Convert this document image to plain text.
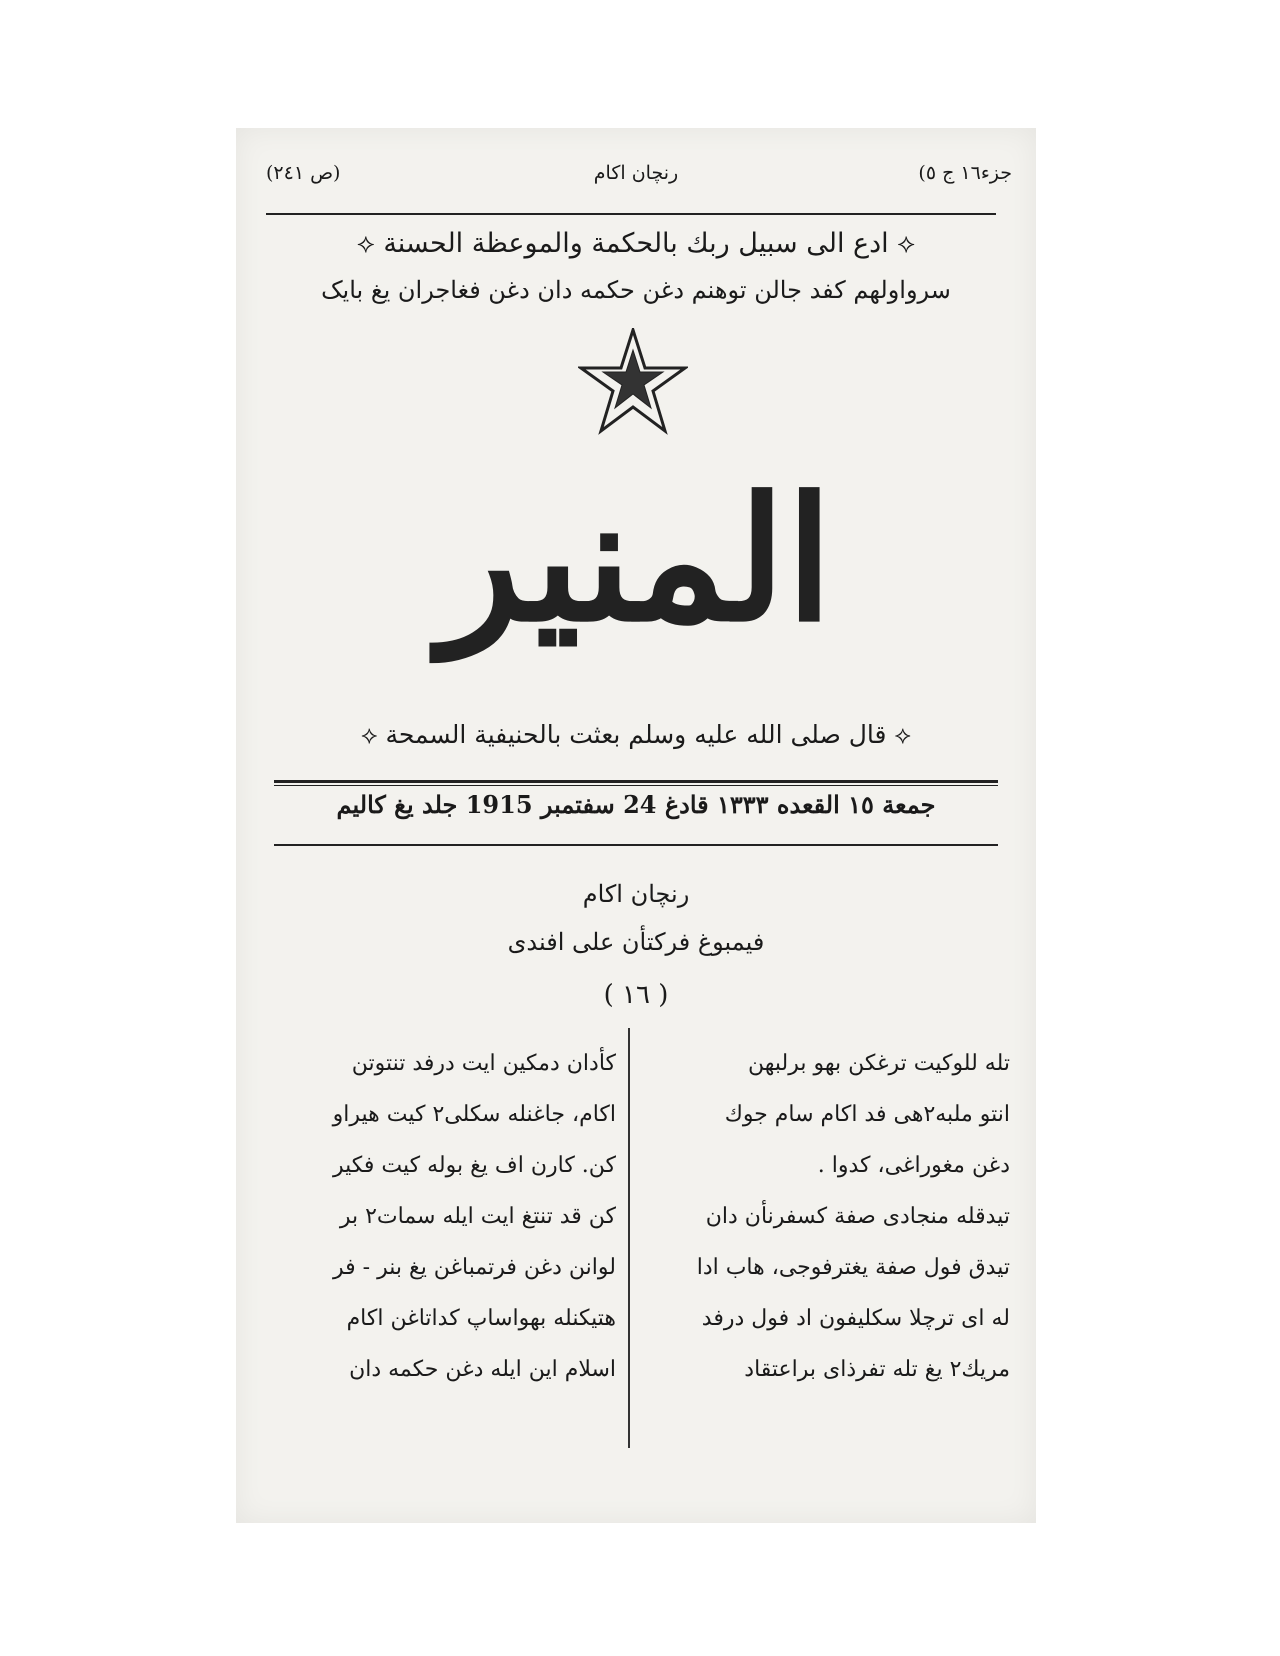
(ص ٢٤١)	رنچان اکام	جزء١٦ ج ٥)
⟡ ادع الی سبیل ربك بالحکمة والموعظة الحسنة ⟡
سرواولهم کفد جالن توهنم دغن حکمه دان دغن فغاجران یغ بایک
المنير
⟡ قال صلی الله علیه وسلم بعثت بالحنیفیة السمحة ⟡
جمعة ١٥ القعده ١٣٣٣ قادغ 24 سفتمبر 1915 جلد یغ کالیم
رنچان اکام
فیمبوغ فرکتأن علی افندی
( ١٦ )
تله للوکیت ترغکن بهو برلبهن
انتو ملبه٢هی فد اکام سام جوك
دغن مغوراغی، کدوا .
تیدقله منجادی صفة کسفرنأن دان
تیدق فول صفة یغترفوجی، هاب ادا
له ای ترچلا سکلیفون اد فول درفد
مریك٢ یغ تله تفرذای براعتقاد
کأدان دمکین ایت درفد تنتوتن
اکام، جاغنله سکلی٢ کیت هیراو
کن. کارن اف یغ بوله کیت فکیر
کن قد تنتغ ایت ایله سمات٢ بر
لوانن دغن فرتمباغن یغ بنر - فر
هتیکنله بهواساپ کداتاغن اکام
اسلام این ایله دغن حکمه دان
